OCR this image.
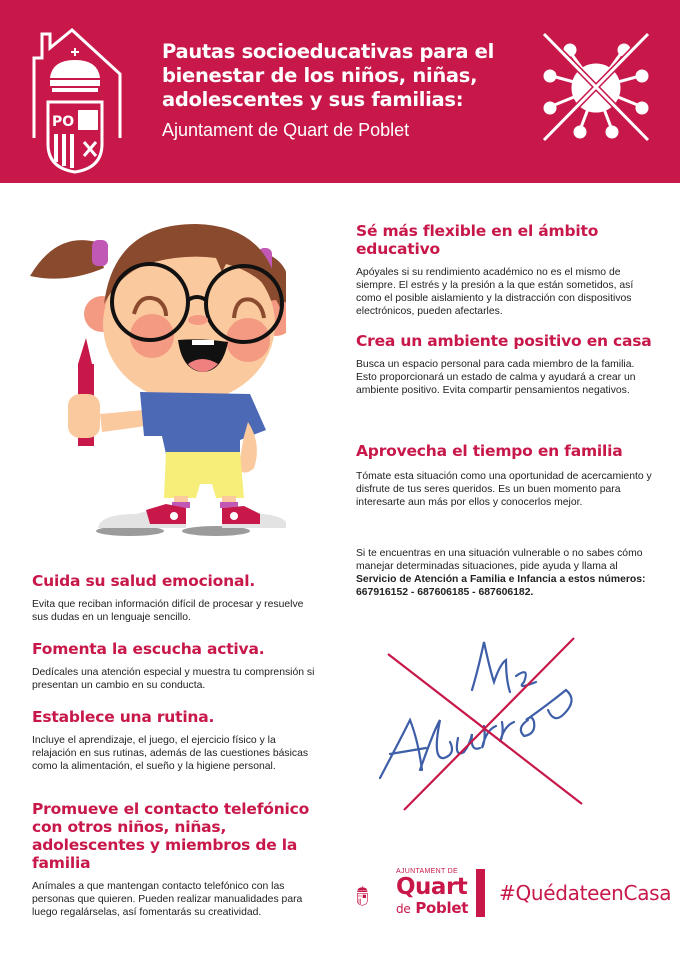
PO
Pautas socioeducativas para el
bienestar de los niños, niñas,
adolescentes y sus familias:
Ajuntament de Quart de Poblet
Sé más flexible en el ámbito educativo
Apóyales si su rendimiento académico no es el mismo de siempre. El estrés y la presión a la que están sometidos, así como el posible aislamiento y la distracción con dispositivos electrónicos, pueden afectarles.
Crea un ambiente positivo en casa
Busca un espacio personal para cada miembro de la familia. Esto proporcionará un estado de calma y ayudará a crear un ambiente positivo. Evita compartir pensamientos negativos.
Aprovecha el tiempo en familia
Tómate esta situación como una oportunidad de acercamiento y disfrute de tus seres queridos. Es un buen momento para interesarte aun más por ellos y conocerlos mejor.
Si te encuentras en una situación vulnerable o no sabes cómo manejar determinadas situaciones, pide ayuda y llama al Servicio de Atención a Familia e Infancia a estos números: 667916152 - 687606185 - 687606182.
Cuida su salud emocional.
Evita que reciban información difícil de procesar y resuelve sus dudas en un lenguaje sencillo.
Fomenta la escucha activa.
Dedícales una atención especial y muestra tu comprensión si presentan un cambio en su conducta.
Establece una rutina.
Incluye el aprendizaje, el juego, el ejercicio físico y la relajación en sus rutinas, además de las cuestiones básicas como la alimentación, el sueño y la higiene personal.
Promueve el contacto telefónico con otros niños, niñas, adolescentes y miembros de la familia
Anímales a que mantengan contacto telefónico con las personas que quieren. Pueden realizar manualidades para luego regalárselas, así fomentarás su creatividad.
PO
AJUNTAMENT DE
Quart
de Poblet
#QuédateenCasa
